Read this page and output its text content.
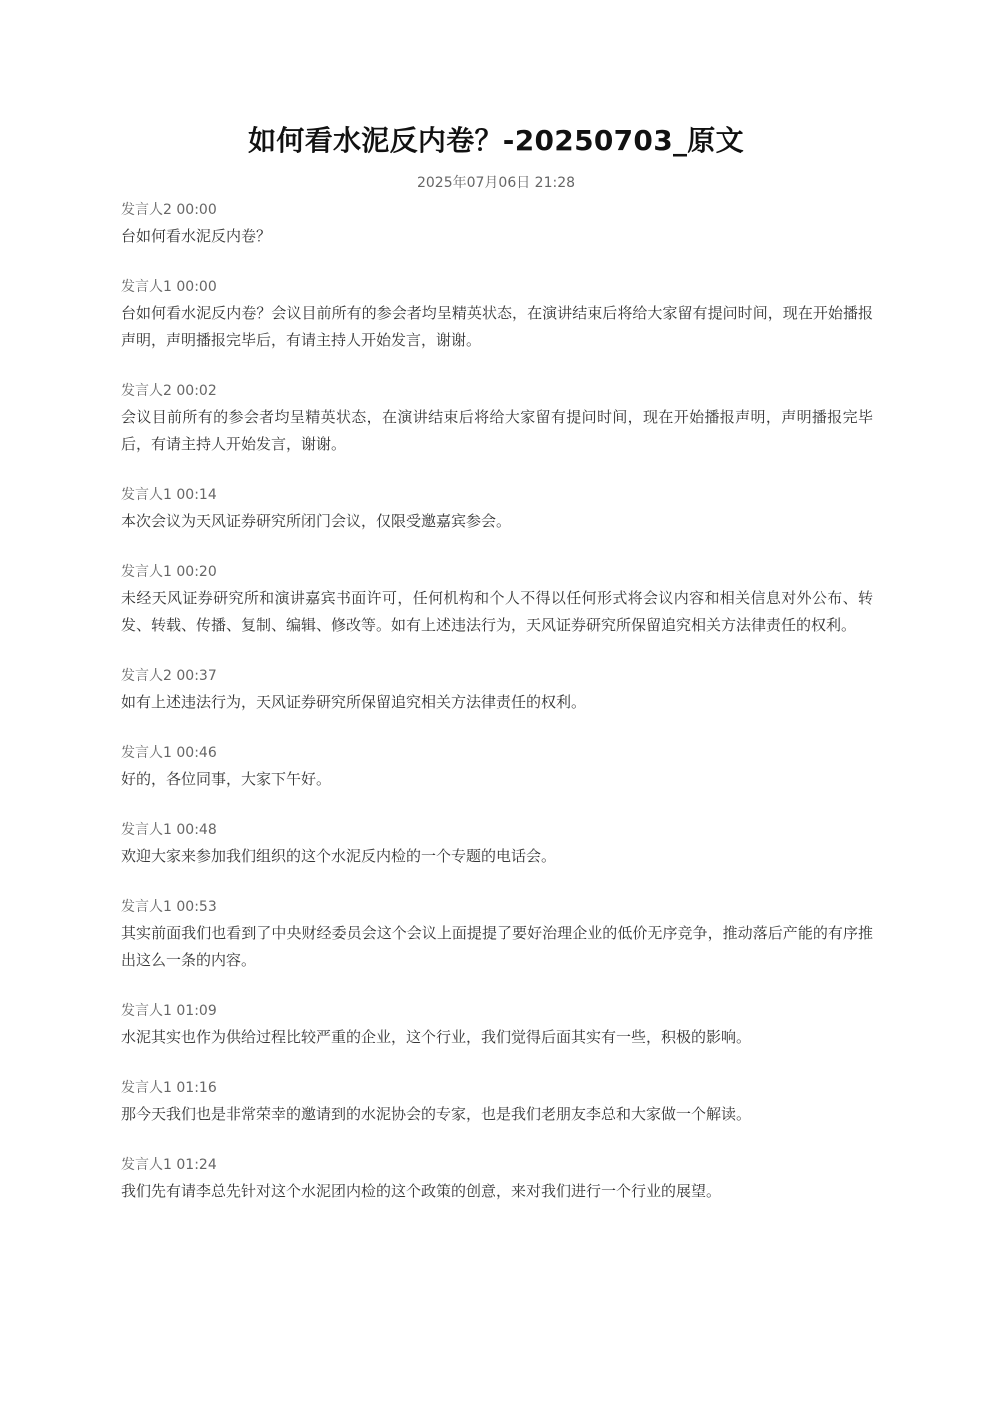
如何看水泥反内卷？-20250703_原文
2025年07月06日 21:28
发言人2 00:00
台如何看水泥反内卷？
发言人1 00:00
台如何看水泥反内卷？会议目前所有的参会者均呈精英状态，在演讲结束后将给大家留有提问时间，现在开始播报声明，声明播报完毕后，有请主持人开始发言，谢谢。
发言人2 00:02
会议目前所有的参会者均呈精英状态，在演讲结束后将给大家留有提问时间，现在开始播报声明，声明播报完毕后，有请主持人开始发言，谢谢。
发言人1 00:14
本次会议为天风证券研究所闭门会议，仅限受邀嘉宾参会。
发言人1 00:20
未经天风证券研究所和演讲嘉宾书面许可，任何机构和个人不得以任何形式将会议内容和相关信息对外公布、转发、转载、传播、复制、编辑、修改等。如有上述违法行为，天风证券研究所保留追究相关方法律责任的权利。
发言人2 00:37
如有上述违法行为，天风证券研究所保留追究相关方法律责任的权利。
发言人1 00:46
好的，各位同事，大家下午好。
发言人1 00:48
欢迎大家来参加我们组织的这个水泥反内检的一个专题的电话会。
发言人1 00:53
其实前面我们也看到了中央财经委员会这个会议上面提提了要好治理企业的低价无序竞争，推动落后产能的有序推出这么一条的内容。
发言人1 01:09
水泥其实也作为供给过程比较严重的企业，这个行业，我们觉得后面其实有一些，积极的影响。
发言人1 01:16
那今天我们也是非常荣幸的邀请到的水泥协会的专家，也是我们老朋友李总和大家做一个解读。
发言人1 01:24
我们先有请李总先针对这个水泥团内检的这个政策的创意，来对我们进行一个行业的展望。
